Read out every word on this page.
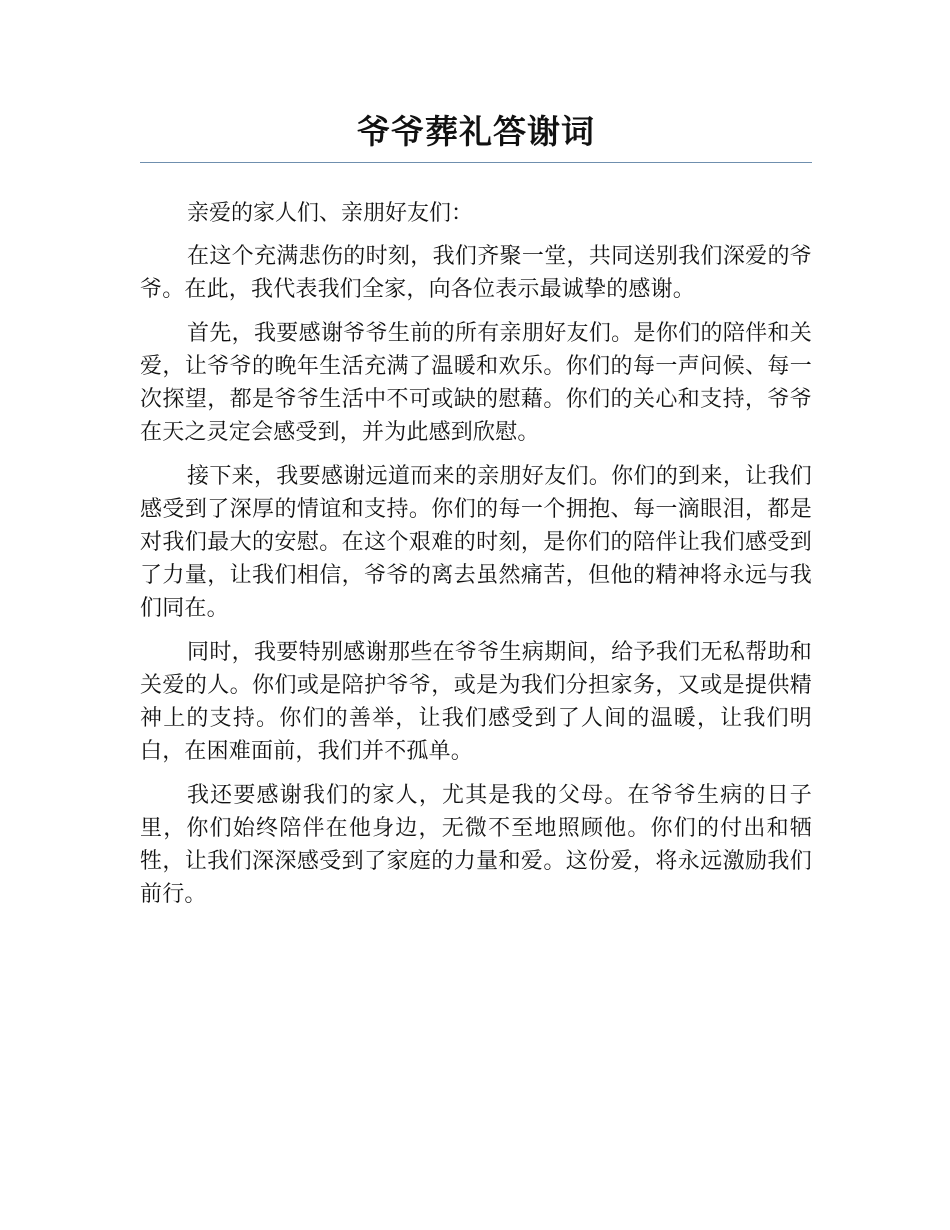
爷爷葬礼答谢词

亲爱的家人们、亲朋好友们：

在这个充满悲伤的时刻，我们齐聚一堂，共同送别我们深爱的爷爷。在此，我代表我们全家，向各位表示最诚挚的感谢。

首先，我要感谢爷爷生前的所有亲朋好友们。是你们的陪伴和关爱，让爷爷的晚年生活充满了温暖和欢乐。你们的每一声问候、每一次探望，都是爷爷生活中不可或缺的慰藉。你们的关心和支持，爷爷在天之灵定会感受到，并为此感到欣慰。

接下来，我要感谢远道而来的亲朋好友们。你们的到来，让我们感受到了深厚的情谊和支持。你们的每一个拥抱、每一滴眼泪，都是对我们最大的安慰。在这个艰难的时刻，是你们的陪伴让我们感受到了力量，让我们相信，爷爷的离去虽然痛苦，但他的精神将永远与我们同在。

同时，我要特别感谢那些在爷爷生病期间，给予我们无私帮助和关爱的人。你们或是陪护爷爷，或是为我们分担家务，又或是提供精神上的支持。你们的善举，让我们感受到了人间的温暖，让我们明白，在困难面前，我们并不孤单。

我还要感谢我们的家人，尤其是我的父母。在爷爷生病的日子里，你们始终陪伴在他身边，无微不至地照顾他。你们的付出和牺牲，让我们深深感受到了家庭的力量和爱。这份爱，将永远激励我们前行。
